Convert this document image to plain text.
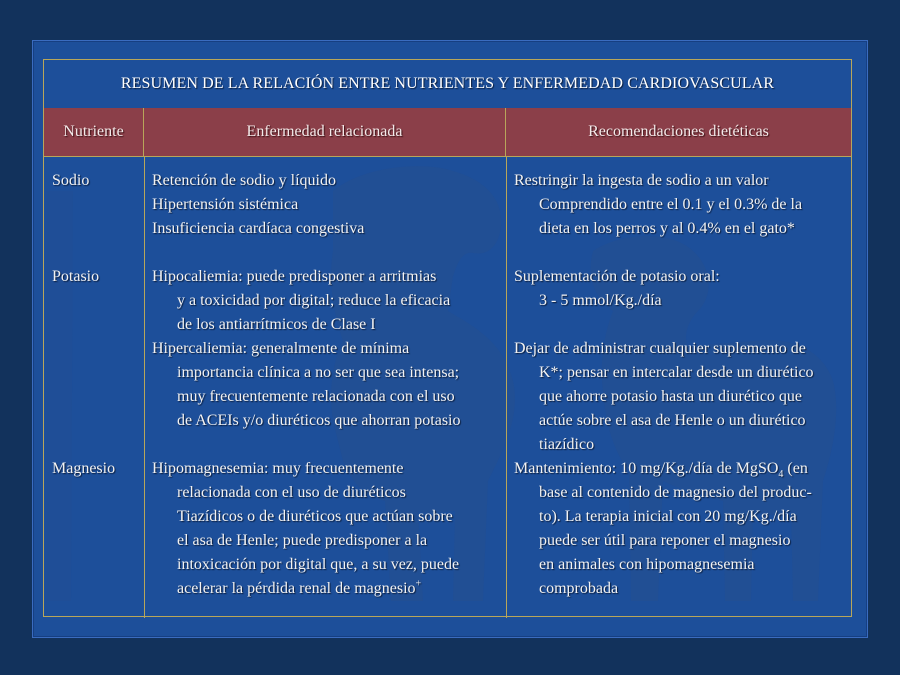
RESUMEN DE LA RELACIÓN ENTRE NUTRIENTES Y ENFERMEDAD CARDIOVASCULAR
Nutriente	Enfermedad relacionada	Recomendaciones dietéticas
Sodio
Potasio
Magnesio
Retención de sodio y líquido
Hipertensión sistémica
Insuficiencia cardíaca congestiva
Hipocaliemia: puede predisponer a arritmias
y a toxicidad por digital; reduce la eficacia
de los antiarrítmicos de Clase I
Hipercaliemia: generalmente de mínima
importancia clínica a no ser que sea intensa;
muy frecuentemente relacionada con el uso
de ACEIs y/o diuréticos que ahorran potasio
Hipomagnesemia: muy frecuentemente
relacionada con el uso de diuréticos
Tiazídicos o de diuréticos que actúan sobre
el asa de Henle; puede predisponer a la
intoxicación por digital que, a su vez, puede
acelerar la pérdida renal de magnesio+
Restringir la ingesta de sodio a un valor
Comprendido entre el 0.1 y el 0.3% de la
dieta en los perros y al 0.4% en el gato*
Suplementación de potasio oral:
3 - 5 mmol/Kg./día
Dejar de administrar cualquier suplemento de
K*; pensar en intercalar desde un diurético
que ahorre potasio hasta un diurético que
actúe sobre el asa de Henle o un diurético
tiazídico
Mantenimiento: 10 mg/Kg./día de MgSO$_4$ (en
base al contenido de magnesio del produc-
to). La terapia inicial con 20 mg/Kg./día
puede ser útil para reponer el magnesio
en animales con hipomagnesemia
comprobada
